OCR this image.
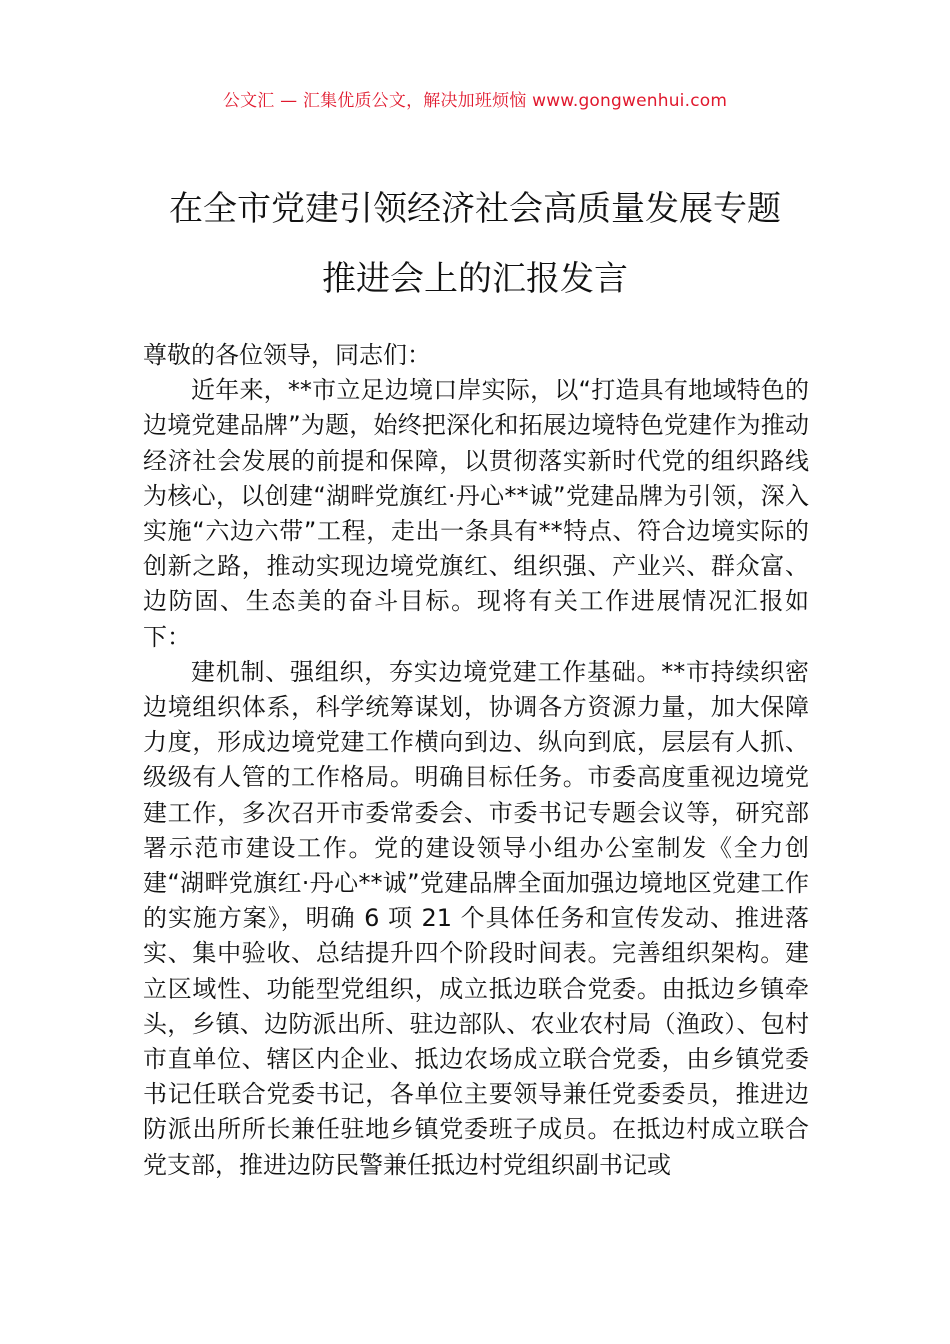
公文汇 — 汇集优质公文，解决加班烦恼 www.gongwenhui.com
在全市党建引领经济社会高质量发展专题
推进会上的汇报发言

尊敬的各位领导，同志们：

近年来，**市立足边境口岸实际，以“打造具有地域特色的边境党建品牌”为题，始终把深化和拓展边境特色党建作为推动经济社会发展的前提和保障，以贯彻落实新时代党的组织路线为核心，以创建“湖畔党旗红·丹心**诚”党建品牌为引领，深入实施“六边六带”工程，走出一条具有**特点、符合边境实际的创新之路，推动实现边境党旗红、组织强、产业兴、群众富、边防固、生态美的奋斗目标。现将有关工作进展情况汇报如下：

建机制、强组织，夯实边境党建工作基础。**市持续织密边境组织体系，科学统筹谋划，协调各方资源力量，加大保障力度，形成边境党建工作横向到边、纵向到底，层层有人抓、级级有人管的工作格局。明确目标任务。市委高度重视边境党建工作，多次召开市委常委会、市委书记专题会议等，研究部署示范市建设工作。党的建设领导小组办公室制发《全力创建“湖畔党旗红·丹心**诚”党建品牌全面加强边境地区党建工作的实施方案》，明确 6 项 21 个具体任务和宣传发动、推进落实、集中验收、总结提升四个阶段时间表。完善组织架构。建立区域性、功能型党组织，成立抵边联合党委。由抵边乡镇牵头，乡镇、边防派出所、驻边部队、农业农村局（渔政）、包村市直单位、辖区内企业、抵边农场成立联合党委，由乡镇党委书记任联合党委书记，各单位主要领导兼任党委委员，推进边防派出所所长兼任驻地乡镇党委班子成员。在抵边村成立联合党支部，推进边防民警兼任抵边村党组织副书记或
